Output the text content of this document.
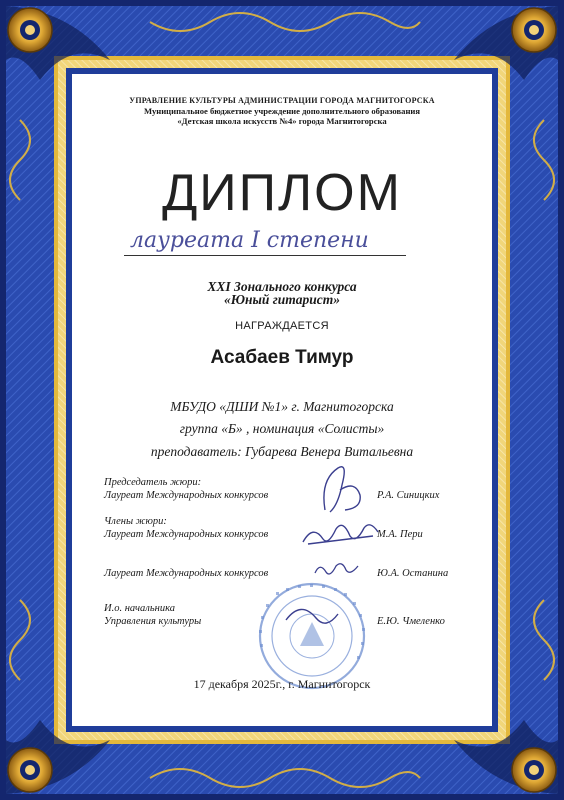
УПРАВЛЕНИЕ КУЛЬТУРЫ АДМИНИСТРАЦИИ ГОРОДА МАГНИТОГОРСКА

Муниципальное бюджетное учреждение дополнительного образования

«Детская школа искусств №4» города Магнитогорска

ДИПЛОМ

лауреата I степени

XXI Зонального конкурса

«Юный гитарист»

НАГРАЖДАЕТСЯ

Асабаев Тимур

МБУДО «ДШИ №1» г. Магнитогорска

группа «Б» , номинация «Солисты»

преподаватель: Губарева Венера Витальевна

Председатель жюри:

Лауреат Международных конкурсов	Р.А. Синицких

Члены жюри:

Лауреат Международных конкурсов	М.А. Пери

Лауреат Международных конкурсов	Ю.А. Останина

И.о. начальника

Управления культуры	Е.Ю. Чмеленко

17 декабря 2025г., г. Магнитогорск
